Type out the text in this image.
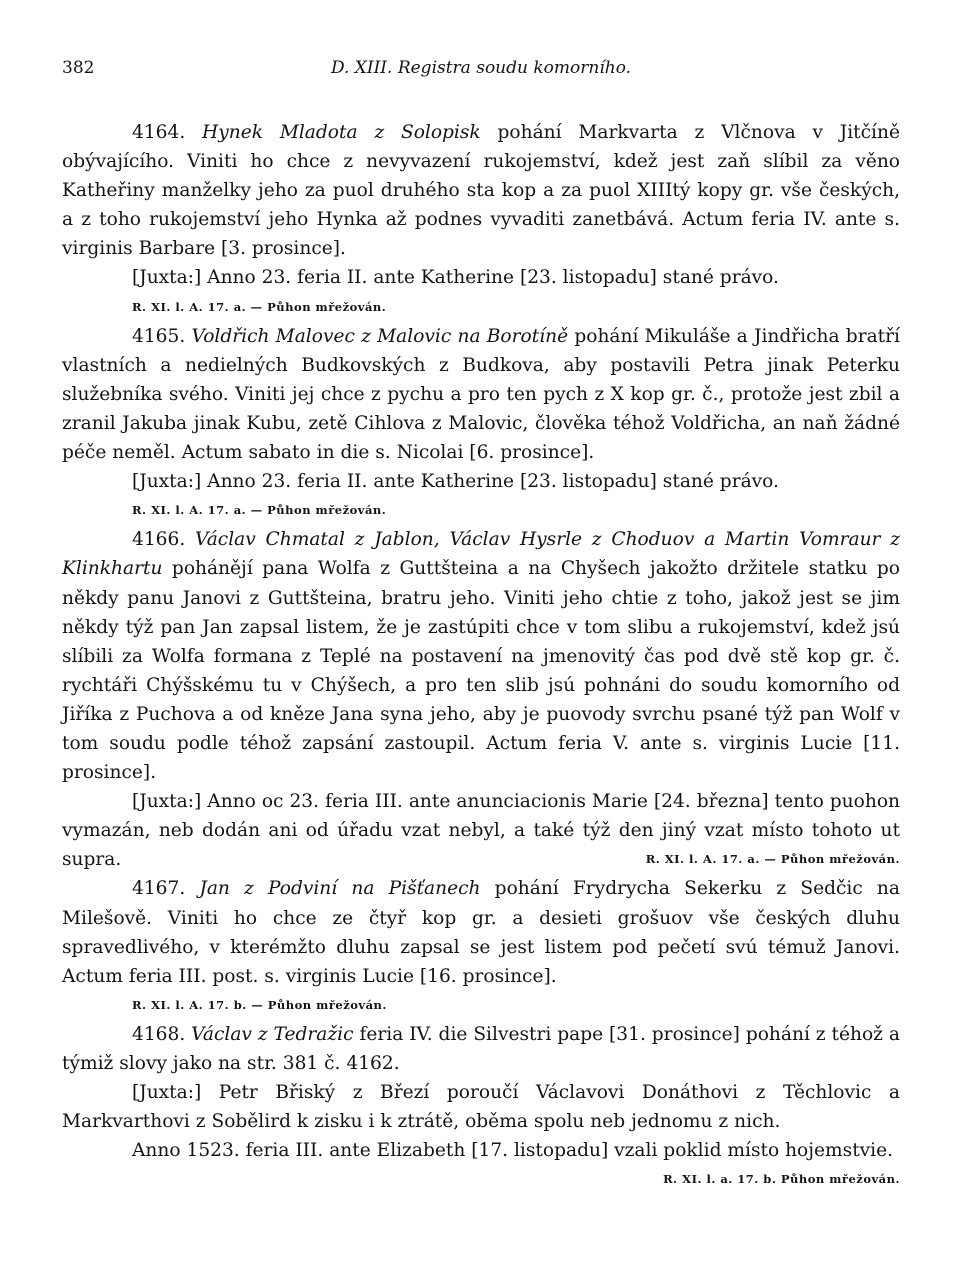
382	D. XIII. Registra soudu komorního.

4164. Hynek Mladota z Solopisk pohání Markvarta z Vlčnova v Jitčíně obývajícího. Viniti ho chce z nevyvazení rukojemství, kdež jest zaň slíbil za věno Katheřiny manželky jeho za puol druhého sta kop a za puol XIIItý kopy gr. vše českých, a z toho rukojemství jeho Hynka až podnes vyvaditi zanetbává. Actum feria IV. ante s. virginis Barbare [3. prosince].

[Juxta:] Anno 23. feria II. ante Katherine [23. listopadu] stané právo.

R. XI. l. A. 17. a. — Půhon mřežován.

4165. Voldřich Malovec z Malovic na Borotíně pohání Mikuláše a Jindřicha bratří vlastních a nedielných Budkovských z Budkova, aby postavili Petra jinak Peterku služebníka svého. Viniti jej chce z pychu a pro ten pych z X kop gr. č., protože jest zbil a zranil Jakuba jinak Kubu, zetě Cihlova z Malovic, člověka téhož Voldřicha, an naň žádné péče neměl. Actum sabato in die s. Nicolai [6. prosince].

[Juxta:] Anno 23. feria II. ante Katherine [23. listopadu] stané právo.

R. XI. l. A. 17. a. — Půhon mřežován.

4166. Václav Chmatal z Jablon, Václav Hysrle z Choduov a Martin Vomraur z Klinkhartu pohánějí pana Wolfa z Guttšteina a na Chyšech jakožto držitele statku po někdy panu Janovi z Guttšteina, bratru jeho. Viniti jeho chtie z toho, jakož jest se jim někdy týž pan Jan zapsal listem, že je zastúpiti chce v tom slibu a rukojemství, kdež jsú slíbili za Wolfa formana z Teplé na postavení na jmenovitý čas pod dvě stě kop gr. č. rychtáři Chýšskému tu v Chýšech, a pro ten slib jsú pohnáni do soudu komorního od Jiříka z Puchova a od kněze Jana syna jeho, aby je puovody svrchu psané týž pan Wolf v tom soudu podle téhož zapsání zastoupil. Actum feria V. ante s. virginis Lucie [11. prosince].

[Juxta:] Anno oc 23. feria III. ante anunciacionis Marie [24. března] tento puohon vymazán, neb dodán ani od úřadu vzat nebyl, a také týž den jiný vzat místo tohoto ut supra.	R. XI. l. A. 17. a. — Půhon mřežován.

4167. Jan z Podviní na Pišťanech pohání Frydrycha Sekerku z Sedčic na Milešově. Viniti ho chce ze čtyř kop gr. a desieti grošuov vše českých dluhu spravedlivého, v kterémžto dluhu zapsal se jest listem pod pečetí svú témuž Janovi. Actum feria III. post. s. virginis Lucie [16. prosince].

R. XI. l. A. 17. b. — Půhon mřežován.

4168. Václav z Tedražic feria IV. die Silvestri pape [31. prosince] pohání z téhož a týmiž slovy jako na str. 381 č. 4162.

[Juxta:] Petr Břiský z Březí poroučí Václavovi Donáthovi z Těchlovic a Markvarthovi z Sobělird k zisku i k ztrátě, oběma spolu neb jednomu z nich.

Anno 1523. feria III. ante Elizabeth [17. listopadu] vzali poklid místo hojemstvie.
R. XI. l. a. 17. b. Půhon mřežován.
